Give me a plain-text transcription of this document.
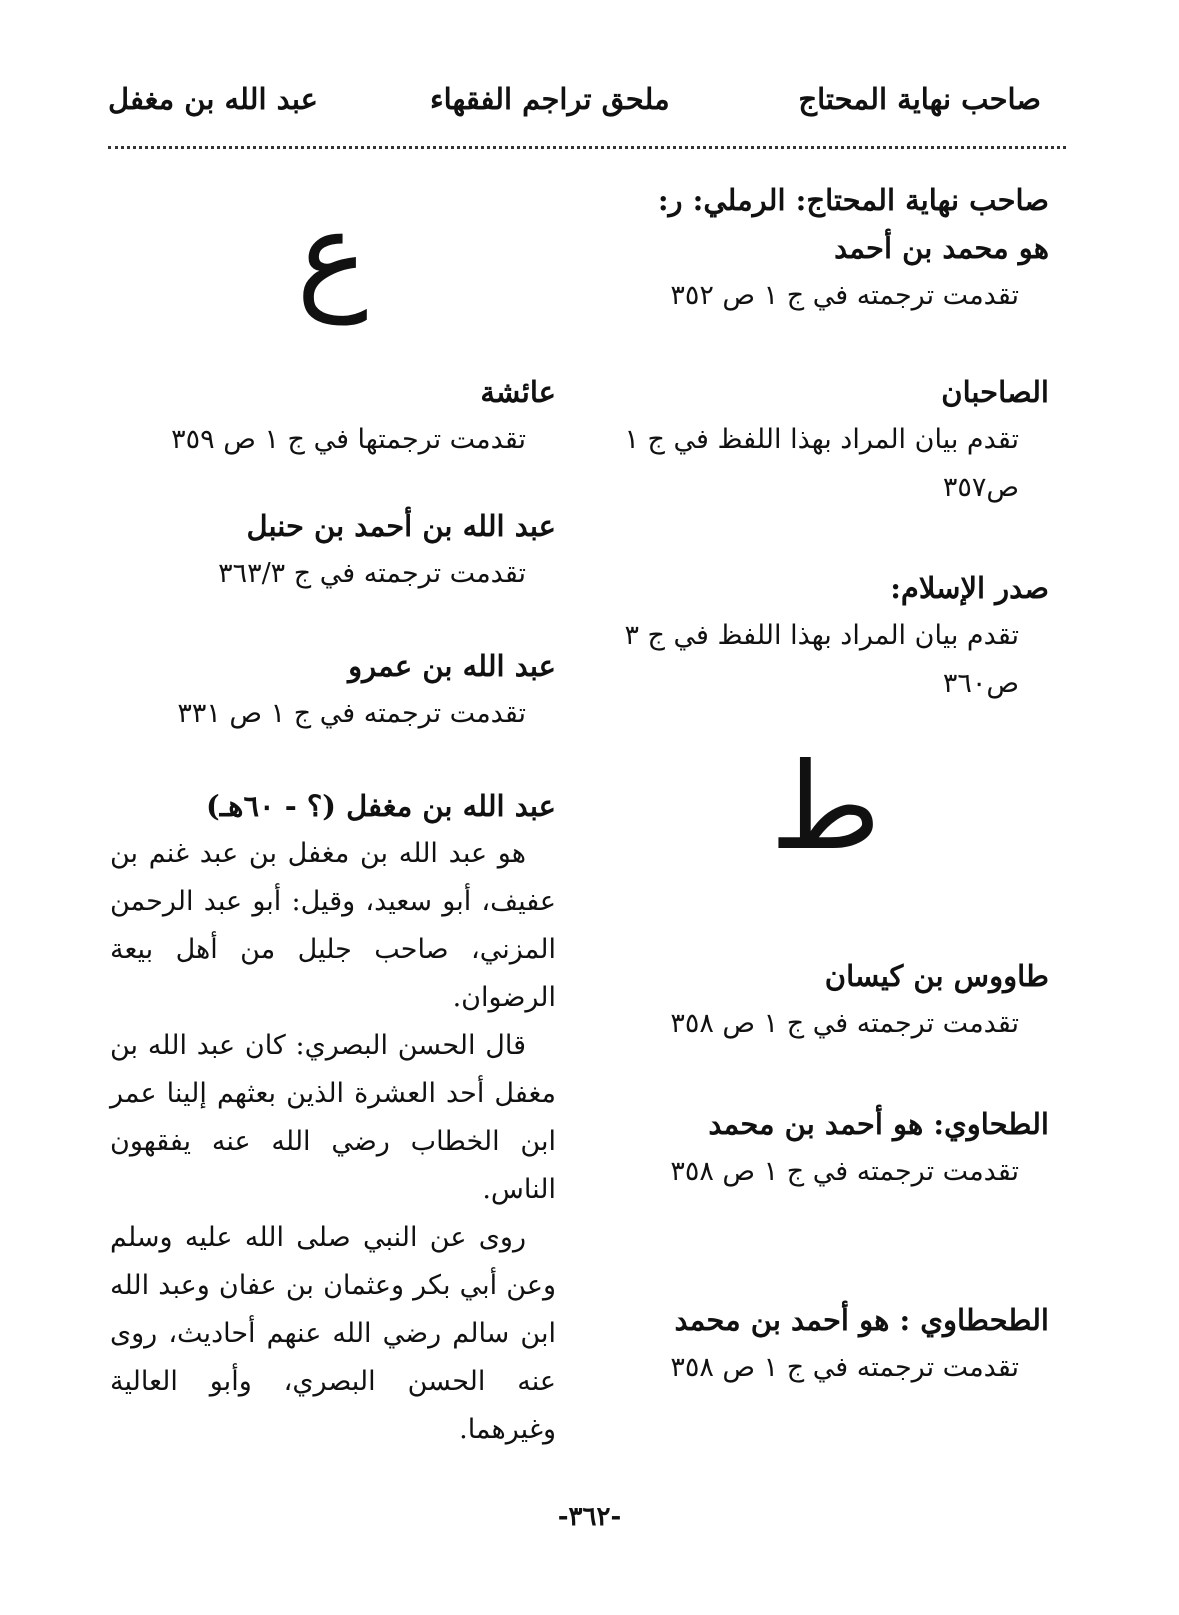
صاحب نهاية المحتاج
ملحق تراجم الفقهاء
عبد الله بن مغفل
صاحب نهاية المحتاج: الرملي: ر:
هو محمد بن أحمد
تقدمت ترجمته في ج ١ ص ٣٥٢
الصاحبان
تقدم بيان المراد بهذا اللفظ في ج ١ ص٣٥٧
صدر الإسلام:
تقدم بيان المراد بهذا اللفظ في ج ٣ ص٣٦٠
ط
طاووس بن كيسان
تقدمت ترجمته في ج ١ ص ٣٥٨
الطحاوي: هو أحمد بن محمد
تقدمت ترجمته في ج ١ ص ٣٥٨
الطحطاوي : هو أحمد بن محمد
تقدمت ترجمته في ج ١ ص ٣٥٨
ع
عائشة
تقدمت ترجمتها في ج ١ ص ٣٥٩
عبد الله بن أحمد بن حنبل
تقدمت ترجمته في ج ٣٦٣/٣
عبد الله بن عمرو
تقدمت ترجمته في ج ١ ص ٣٣١
عبد الله بن مغفل (؟ - ٦٠هـ)
هو عبد الله بن مغفل بن عبد غنم بن عفيف، أبو سعيد، وقيل: أبو عبد الرحمن المزني، صاحب جليل من أهل بيعة الرضوان.
قال الحسن البصري: كان عبد الله بن مغفل أحد العشرة الذين بعثهم إلينا عمر ابن الخطاب رضي الله عنه يفقهون الناس.
روى عن النبي صلى الله عليه وسلم وعن أبي بكر وعثمان بن عفان وعبد الله ابن سالم رضي الله عنهم أحاديث، روى عنه الحسن البصري، وأبو العالية وغيرهما.
-٣٦٢-
